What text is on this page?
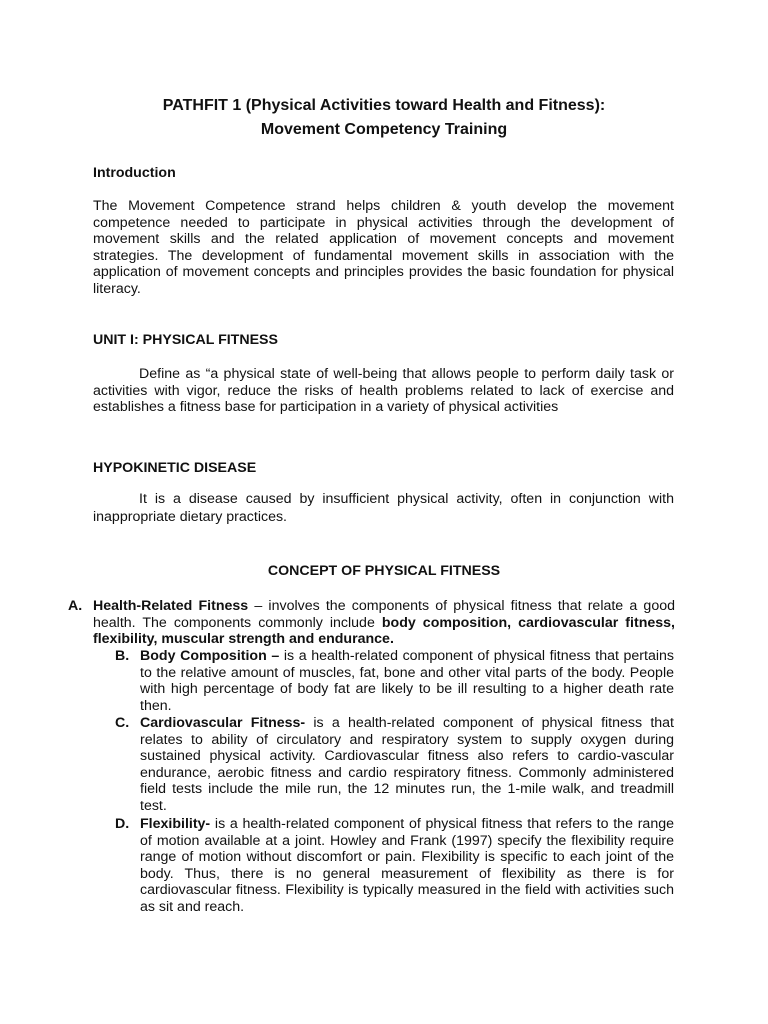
PATHFIT 1 (Physical Activities toward Health and Fitness):
Movement Competency Training
Introduction
The Movement Competence strand helps children & youth develop the movement competence needed to participate in physical activities through the development of movement skills and the related application of movement concepts and movement strategies. The development of fundamental movement skills in association with the application of movement concepts and principles provides the basic foundation for physical literacy.
UNIT I: PHYSICAL FITNESS
Define as “a physical state of well-being that allows people to perform daily task or activities with vigor, reduce the risks of health problems related to lack of exercise and establishes a fitness base for participation in a variety of physical activities
HYPOKINETIC DISEASE
It is a disease caused by insufficient physical activity, often in conjunction with inappropriate dietary practices.
CONCEPT OF PHYSICAL FITNESS
A. Health-Related Fitness – involves the components of physical fitness that relate a good health. The components commonly include body composition, cardiovascular fitness, flexibility, muscular strength and endurance.
B. Body Composition – is a health-related component of physical fitness that pertains to the relative amount of muscles, fat, bone and other vital parts of the body. People with high percentage of body fat are likely to be ill resulting to a higher death rate then.
C. Cardiovascular Fitness- is a health-related component of physical fitness that relates to ability of circulatory and respiratory system to supply oxygen during sustained physical activity. Cardiovascular fitness also refers to cardio-vascular endurance, aerobic fitness and cardio respiratory fitness. Commonly administered field tests include the mile run, the 12 minutes run, the 1-mile walk, and treadmill test.
D. Flexibility- is a health-related component of physical fitness that refers to the range of motion available at a joint. Howley and Frank (1997) specify the flexibility require range of motion without discomfort or pain. Flexibility is specific to each joint of the body. Thus, there is no general measurement of flexibility as there is for cardiovascular fitness. Flexibility is typically measured in the field with activities such as sit and reach.
